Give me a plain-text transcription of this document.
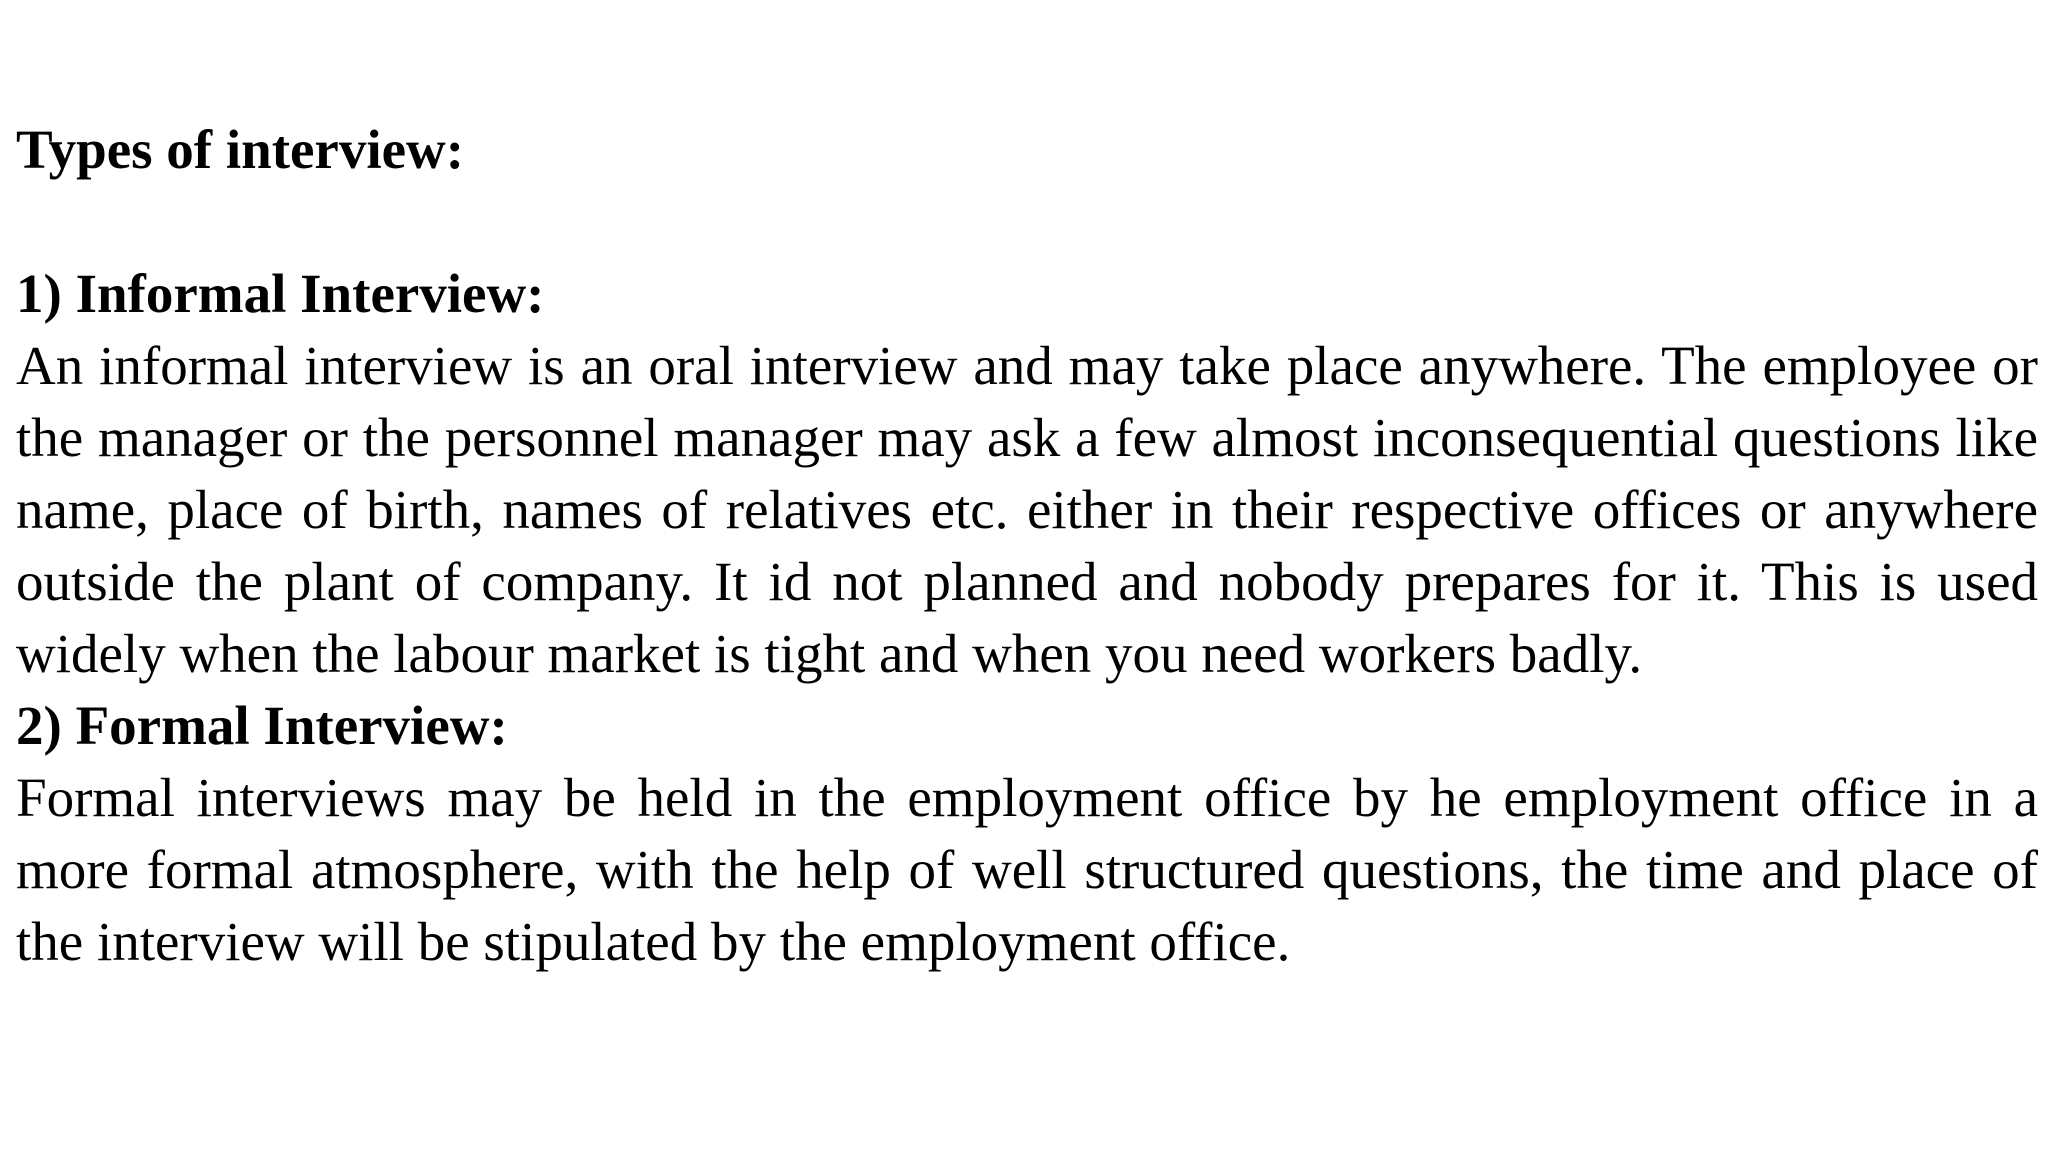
Types of interview:

1) Informal Interview:

An informal interview is an oral interview and may take place anywhere. The employee or the manager or the personnel manager may ask a few almost inconsequential questions like name, place of birth, names of relatives etc. either in their respective offices or anywhere outside the plant of company. It id not planned and nobody prepares for it. This is used widely when the labour market is tight and when you need workers badly.

2) Formal Interview:

Formal interviews may be held in the employment office by he employment office in a more formal atmosphere, with the help of well structured questions, the time and place of the interview will be stipulated by the employment office.
